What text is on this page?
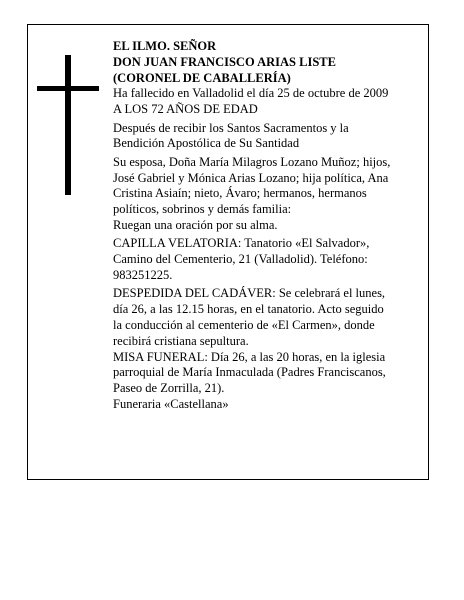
EL ILMO. SEÑOR

DON JUAN FRANCISCO ARIAS LISTE

(CORONEL DE CABALLERÍA)

Ha fallecido en Valladolid el día 25 de octubre de 2009

A LOS 72 AÑOS DE EDAD

Después de recibir los Santos Sacramentos y la

Bendición Apostólica de Su Santidad

Su esposa, Doña María Milagros Lozano Muñoz; hijos,

José Gabriel y Mónica Arias Lozano; hija política, Ana

Cristina Asiaín; nieto, Ávaro; hermanos, hermanos

políticos, sobrinos y demás familia:

Ruegan una oración por su alma.

CAPILLA VELATORIA: Tanatorio «El Salvador»,

Camino del Cementerio, 21 (Valladolid). Teléfono:

983251225.

DESPEDIDA DEL CADÁVER: Se celebrará el lunes,

día 26, a las 12.15 horas, en el tanatorio. Acto seguido

la conducción al cementerio de «El Carmen», donde

recibirá cristiana sepultura.

MISA FUNERAL: Día 26, a las 20 horas, en la iglesia

parroquial de María Inmaculada (Padres Franciscanos,

Paseo de Zorrilla, 21).

Funeraria «Castellana»
